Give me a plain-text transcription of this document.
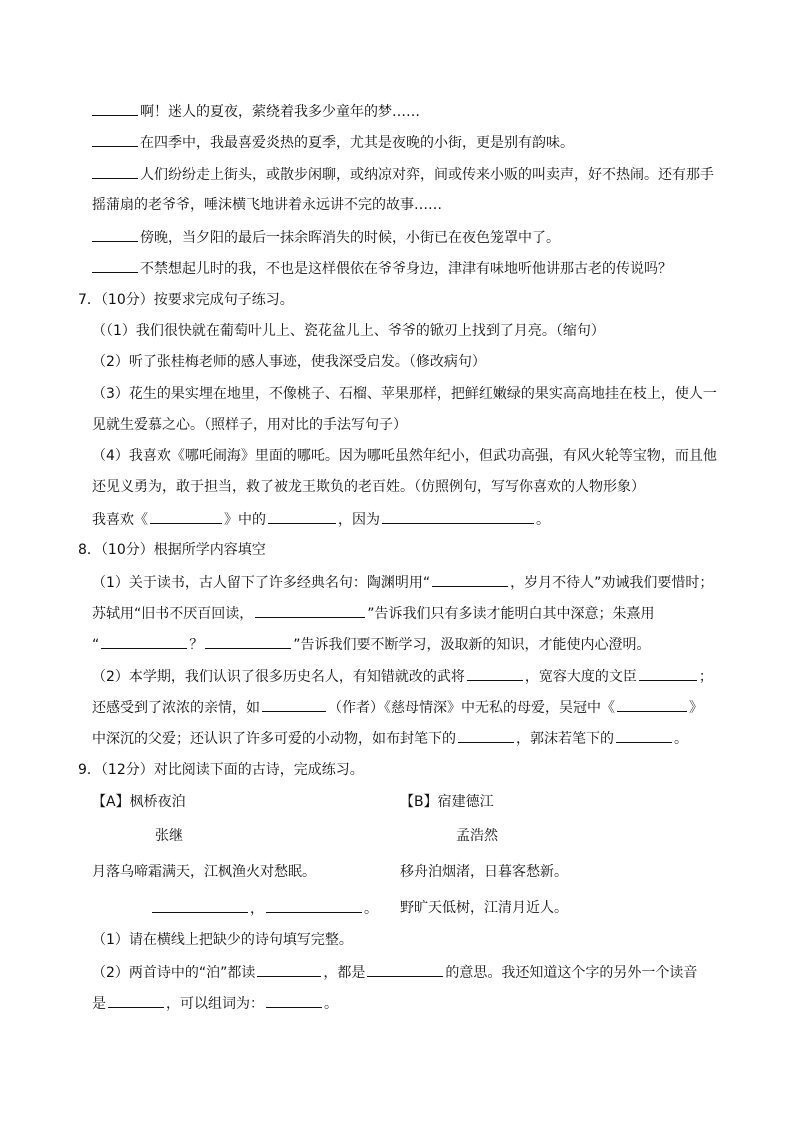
啊！迷人的夏夜，萦绕着我多少童年的梦……
在四季中，我最喜爱炎热的夏季，尤其是夜晚的小街，更是别有韵味。
人们纷纷走上街头，或散步闲聊，或纳凉对弈，间或传来小贩的叫卖声，好不热闹。还有那手
摇蒲扇的老爷爷，唾沫横飞地讲着永远讲不完的故事……
傍晚，当夕阳的最后一抹余晖消失的时候，小街已在夜色笼罩中了。
不禁想起儿时的我，不也是这样偎依在爷爷身边，津津有味地听他讲那古老的传说吗？
7．（10分）按要求完成句子练习。
（（1）我们很快就在葡萄叶儿上、瓷花盆儿上、爷爷的锨刃上找到了月亮。（缩句）
（2）听了张桂梅老师的感人事迹，使我深受启发。（修改病句）
（3）花生的果实埋在地里，不像桃子、石榴、苹果那样，把鲜红嫩绿的果实高高地挂在枝上，使人一
见就生爱慕之心。（照样子，用对比的手法写句子）
（4）我喜欢《哪吒闹海》里面的哪吒。因为哪吒虽然年纪小，但武功高强，有风火轮等宝物，而且他
还见义勇为，敢于担当，救了被龙王欺负的老百姓。（仿照例句，写写你喜欢的人物形象）
我喜欢《	》中的	，因为	。
8．（10分）根据所学内容填空
（1）关于读书，古人留下了许多经典名句：陶渊明用“	，岁月不待人”劝诫我们要惜时；
苏轼用“旧书不厌百回读，	”告诉我们只有多读才能明白其中深意；朱熹用
“	？	”告诉我们要不断学习，汲取新的知识，才能使内心澄明。
（2）本学期，我们认识了很多历史名人，有知错就改的武将	，宽容大度的文臣	；
还感受到了浓浓的亲情，如	（作者）《慈母情深》中无私的母爱，吴冠中《	》
中深沉的父爱；还认识了许多可爱的小动物，如布封笔下的	，郭沫若笔下的	。
9．（12分）对比阅读下面的古诗，完成练习。
【A】枫桥夜泊	【B】宿建德江
张继	孟浩然
月落乌啼霜满天，江枫渔火对愁眠。	移舟泊烟渚，日暮客愁新。
，	。 野旷天低树，江清月近人。
（1）请在横线上把缺少的诗句填写完整。
（2）两首诗中的“泊”都读	，都是	的意思。我还知道这个字的另外一个读音
是	，可以组词为：	。
